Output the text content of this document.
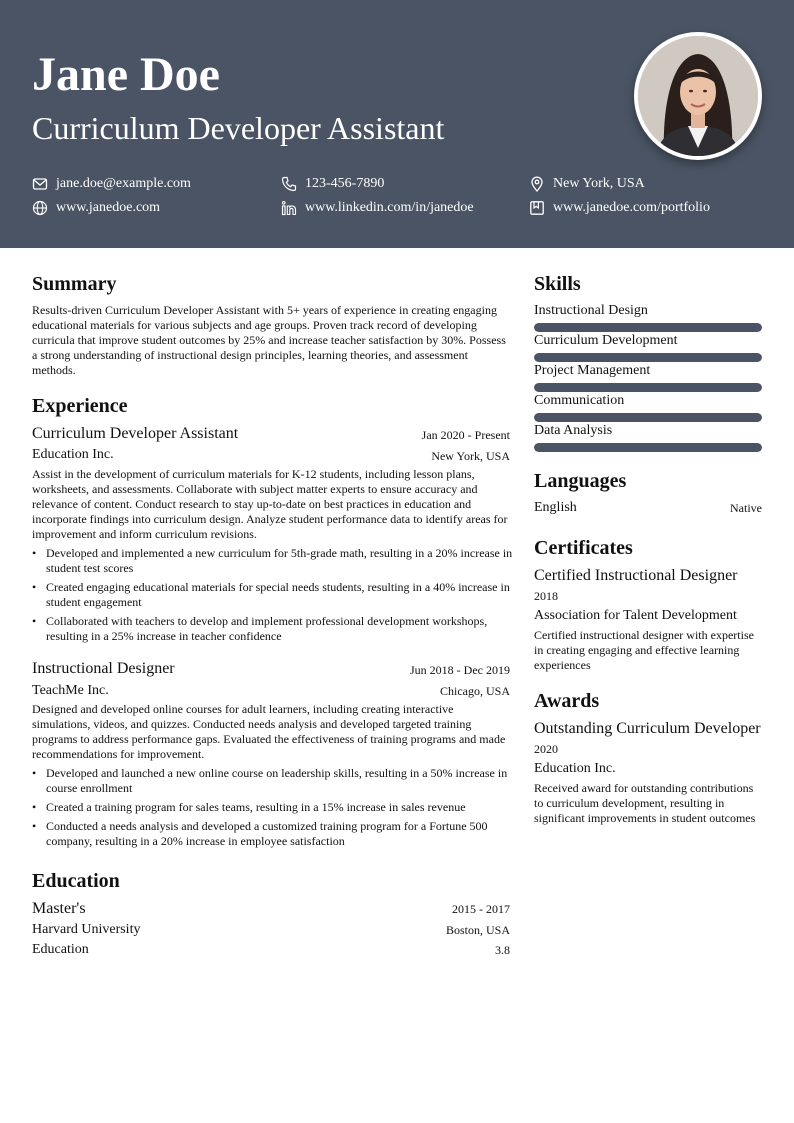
Jane Doe
Curriculum Developer Assistant
jane.doe@example.com	123-456-7890	New York, USA
www.janedoe.com	www.linkedin.com/in/janedoe	www.janedoe.com/portfolio
Summary

Results-driven Curriculum Developer Assistant with 5+ years of experience in creating engaging educational materials for various subjects and age groups. Proven track record of developing curricula that improve student outcomes by 25% and increase teacher satisfaction by 30%. Possess a strong understanding of instructional design principles, learning theories, and assessment methods.

Experience
Curriculum Developer Assistant	Jan 2020 - Present
Education Inc.	New York, USA

Assist in the development of curriculum materials for K-12 students, including lesson plans, worksheets, and assessments. Collaborate with subject matter experts to ensure accuracy and relevance of content. Conduct research to stay up-to-date on best practices in education and incorporate findings into curriculum design. Analyze student performance data to identify areas for improvement and inform curriculum revisions.

• Developed and implemented a new curriculum for 5th-grade math, resulting in a 20% increase in student test scores
• Created engaging educational materials for special needs students, resulting in a 40% increase in student engagement
• Collaborated with teachers to develop and implement professional development workshops, resulting in a 25% increase in teacher confidence
Instructional Designer	Jun 2018 - Dec 2019
TeachMe Inc.	Chicago, USA

Designed and developed online courses for adult learners, including creating interactive simulations, videos, and quizzes. Conducted needs analysis and developed targeted training programs to address performance gaps. Evaluated the effectiveness of training programs and made recommendations for improvement.

• Developed and launched a new online course on leadership skills, resulting in a 50% increase in course enrollment
• Created a training program for sales teams, resulting in a 15% increase in sales revenue
• Conducted a needs analysis and developed a customized training program for a Fortune 500 company, resulting in a 20% increase in employee satisfaction
Education
Master's	2015 - 2017
Harvard University	Boston, USA
Education	3.8
Skills
Instructional Design
Curriculum Development
Project Management
Communication
Data Analysis
Languages
English	Native
Certificates
Certified Instructional Designer
2018
Association for Talent Development

Certified instructional designer with expertise in creating engaging and effective learning experiences

Awards
Outstanding Curriculum Developer
2020
Education Inc.

Received award for outstanding contributions to curriculum development, resulting in significant improvements in student outcomes
